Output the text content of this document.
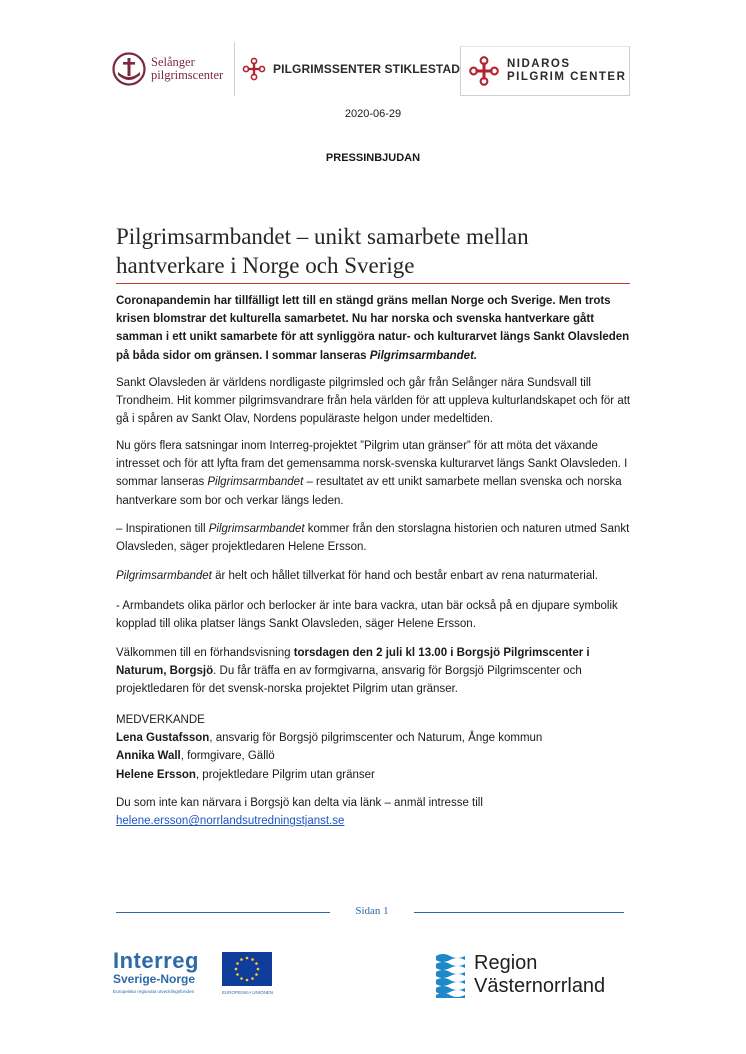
Selånger
pilgrimscenter	PILGRIMSSENTER STIKLESTAD	NIDAROS
PILGRIM CENTER
2020-06-29
PRESSINBJUDAN
Pilgrimsarmbandet – unikt samarbete mellan hantverkare i Norge och Sverige
Coronapandemin har tillfälligt lett till en stängd gräns mellan Norge och Sverige. Men trots krisen blomstrar det kulturella samarbetet. Nu har norska och svenska hantverkare gått samman i ett unikt samarbete för att synliggöra natur- och kulturarvet längs Sankt Olavsleden på båda sidor om gränsen. I sommar lanseras Pilgrimsarmbandet.
Sankt Olavsleden är världens nordligaste pilgrimsled och går från Selånger nära Sundsvall till Trondheim. Hit kommer pilgrimsvandrare från hela världen för att uppleva kulturlandskapet och för att gå i spåren av Sankt Olav, Nordens populäraste helgon under medeltiden.
Nu görs flera satsningar inom Interreg-projektet ”Pilgrim utan gränser” för att möta det växande intresset och för att lyfta fram det gemensamma norsk-svenska kulturarvet längs Sankt Olavsleden. I sommar lanseras Pilgrimsarmbandet – resultatet av ett unikt samarbete mellan svenska och norska hantverkare som bor och verkar längs leden.
– Inspirationen till Pilgrimsarmbandet kommer från den storslagna historien och naturen utmed Sankt Olavsleden, säger projektledaren Helene Ersson.
Pilgrimsarmbandet är helt och hållet tillverkat för hand och består enbart av rena naturmaterial.
- Armbandets olika pärlor och berlocker är inte bara vackra, utan bär också på en djupare symbolik kopplad till olika platser längs Sankt Olavsleden, säger Helene Ersson.
Välkommen till en förhandsvisning torsdagen den 2 juli kl 13.00 i Borgsjö Pilgrimscenter i Naturum, Borgsjö. Du får träffa en av formgivarna, ansvarig för Borgsjö Pilgrimscenter och projektledaren för det svensk-norska projektet Pilgrim utan gränser.
MEDVERKANDE
Lena Gustafsson, ansvarig för Borgsjö pilgrimscenter och Naturum, Ånge kommun
Annika Wall, formgivare, Gällö
Helene Ersson, projektledare Pilgrim utan gränser
Du som inte kan närvara i Borgsjö kan delta via länk – anmäl intresse till
helene.ersson@norrlandsutredningstjanst.se
Sidan 1
Interreg
Sverige-Norge
Europeiska regionala utvecklingsfonden	EUROPEISKA UNIONEN
Region
Västernorrland
